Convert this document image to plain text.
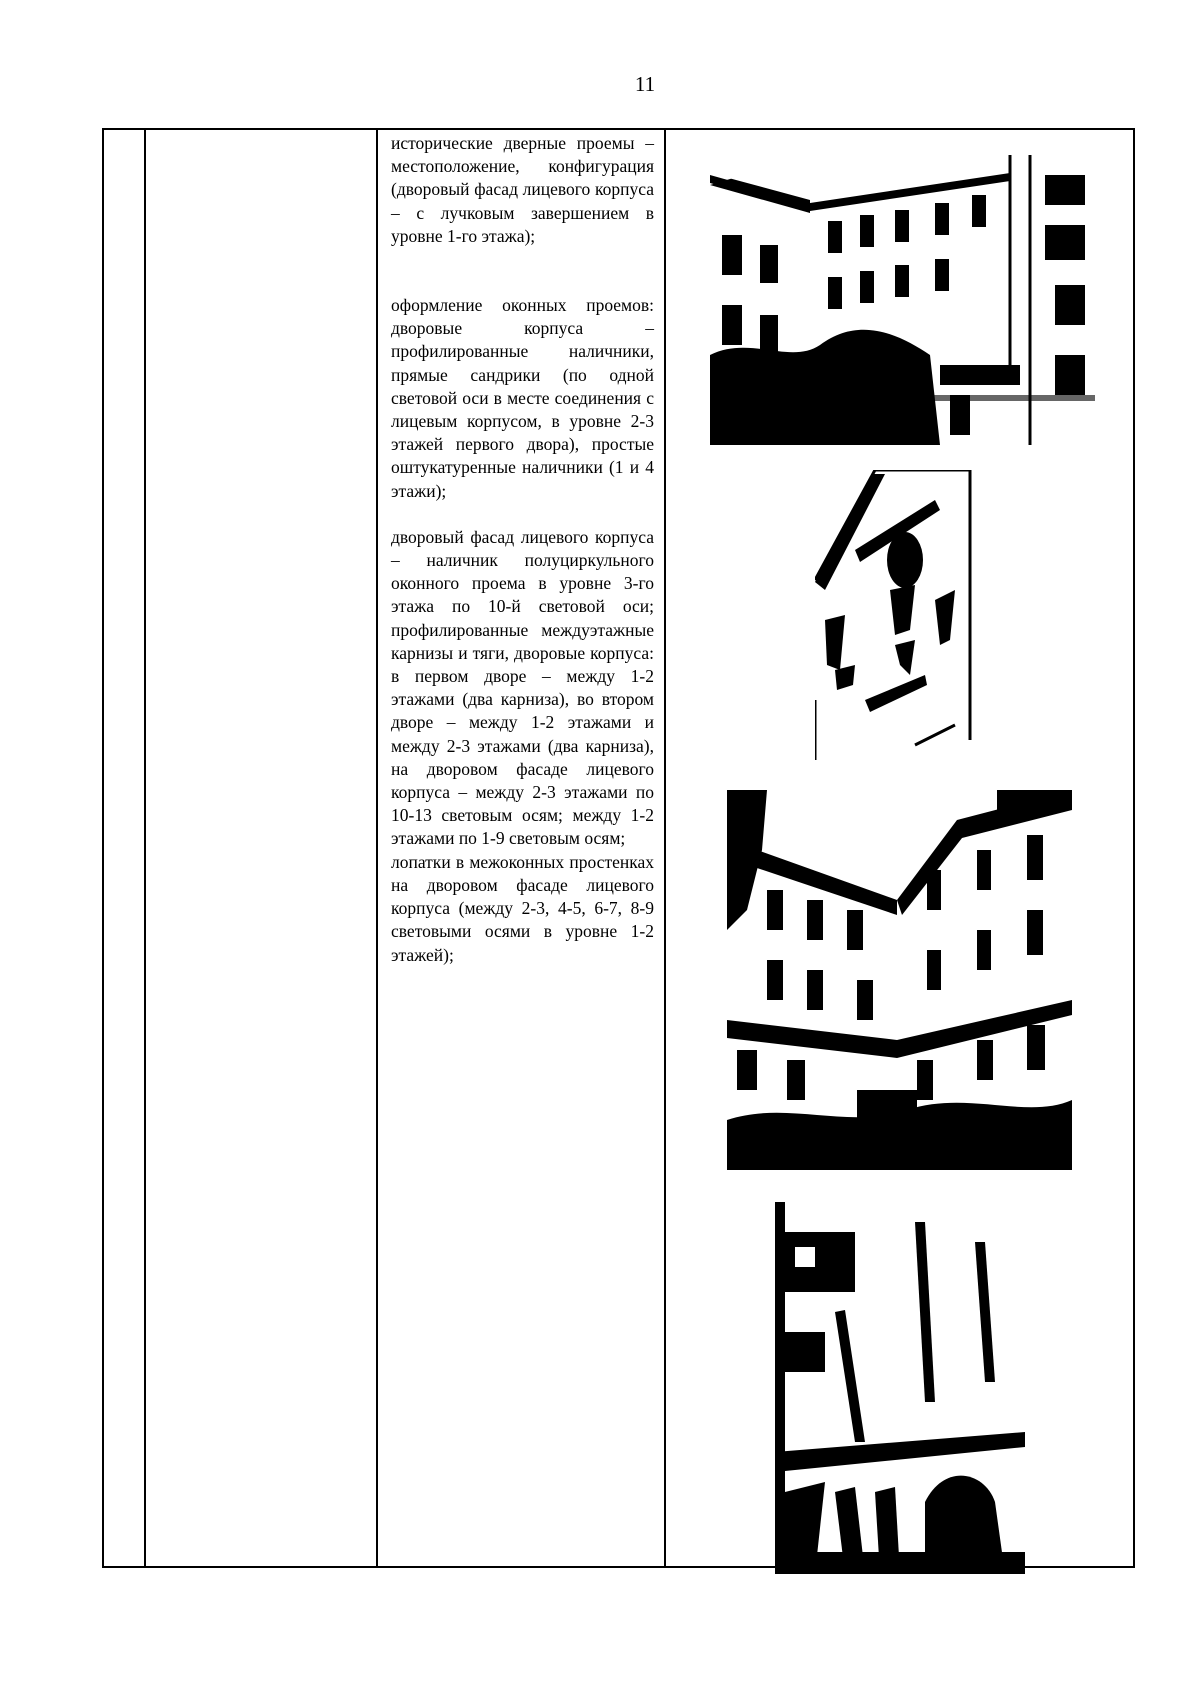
11

исторические дверные проемы – местоположение, конфигурация (дворовый фасад лицевого корпуса – с лучковым завершением в уровне 1-го этажа);

оформление оконных проемов: дворовые корпуса – профилированные наличники, прямые сандрики (по одной световой оси в месте соединения с лицевым корпусом, в уровне 2-3 этажей первого двора), простые оштукатуренные наличники (1 и 4 этажи);

дворовый фасад лицевого корпуса – наличник полуциркульного оконного проема в уровне 3-го этажа по 10-й световой оси; профилированные междуэтажные карнизы и тяги, дворовые корпуса: в первом дворе – между 1-2 этажами (два карниза), во втором дворе – между 1-2 этажами и между 2-3 этажами (два карниза), на дворовом фасаде лицевого корпуса – между 2-3 этажами по 10-13 световым осям; между 1-2 этажами по 1-9 световым осям;

лопатки в межоконных простенках на дворовом фасаде лицевого корпуса (между 2-3, 4-5, 6-7, 8-9 световыми осями в уровне 1-2 этажей);
